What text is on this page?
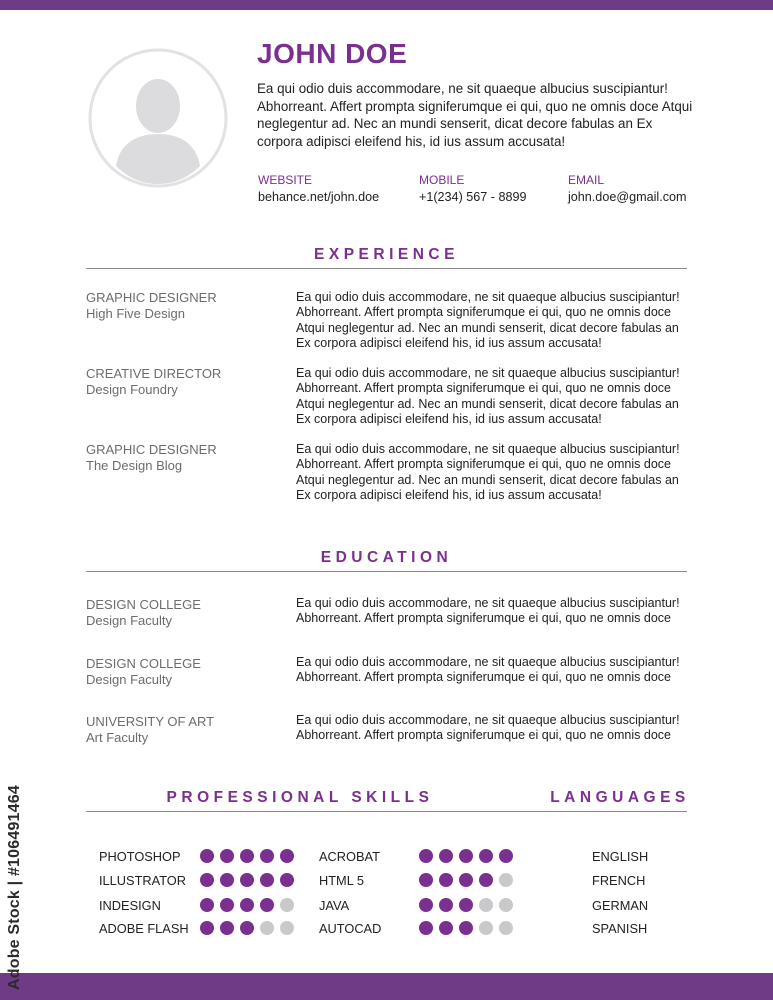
JOHN DOE
Ea qui odio duis accommodare, ne sit quaeque albucius suscipiantur! Abhorreant. Affert prompta signiferumque ei qui, quo ne omnis doce Atqui neglegentur ad. Nec an mundi senserit, dicat decore fabulas an Ex corpora adipisci eleifend his, id ius assum accusata!
WEBSITE
behance.net/john.doe
MOBILE
+1(234) 567 - 8899
EMAIL
john.doe@gmail.com
EXPERIENCE
GRAPHIC DESIGNER
High Five Design
Ea qui odio duis accommodare, ne sit quaeque albucius suscipiantur! Abhorreant. Affert prompta signiferumque ei qui, quo ne omnis doce Atqui neglegentur ad. Nec an mundi senserit, dicat decore fabulas an Ex corpora adipisci eleifend his, id ius assum accusata!
CREATIVE DIRECTOR
Design Foundry
Ea qui odio duis accommodare, ne sit quaeque albucius suscipiantur! Abhorreant. Affert prompta signiferumque ei qui, quo ne omnis doce Atqui neglegentur ad. Nec an mundi senserit, dicat decore fabulas an Ex corpora adipisci eleifend his, id ius assum accusata!
GRAPHIC DESIGNER
The Design Blog
Ea qui odio duis accommodare, ne sit quaeque albucius suscipiantur! Abhorreant. Affert prompta signiferumque ei qui, quo ne omnis doce Atqui neglegentur ad. Nec an mundi senserit, dicat decore fabulas an Ex corpora adipisci eleifend his, id ius assum accusata!
EDUCATION
DESIGN COLLEGE
Design Faculty
Ea qui odio duis accommodare, ne sit quaeque albucius suscipiantur! Abhorreant. Affert prompta signiferumque ei qui, quo ne omnis doce
DESIGN COLLEGE
Design Faculty
Ea qui odio duis accommodare, ne sit quaeque albucius suscipiantur! Abhorreant. Affert prompta signiferumque ei qui, quo ne omnis doce
UNIVERSITY OF ART
Art Faculty
Ea qui odio duis accommodare, ne sit quaeque albucius suscipiantur! Abhorreant. Affert prompta signiferumque ei qui, quo ne omnis doce
PROFESSIONAL SKILLS	LANGUAGES
PHOTOSHOP
ILLUSTRATOR
INDESIGN
ADOBE FLASH
ACROBAT
HTML 5
JAVA
AUTOCAD
ENGLISH
FRENCH
GERMAN
SPANISH
Adobe Stock | #106491464
